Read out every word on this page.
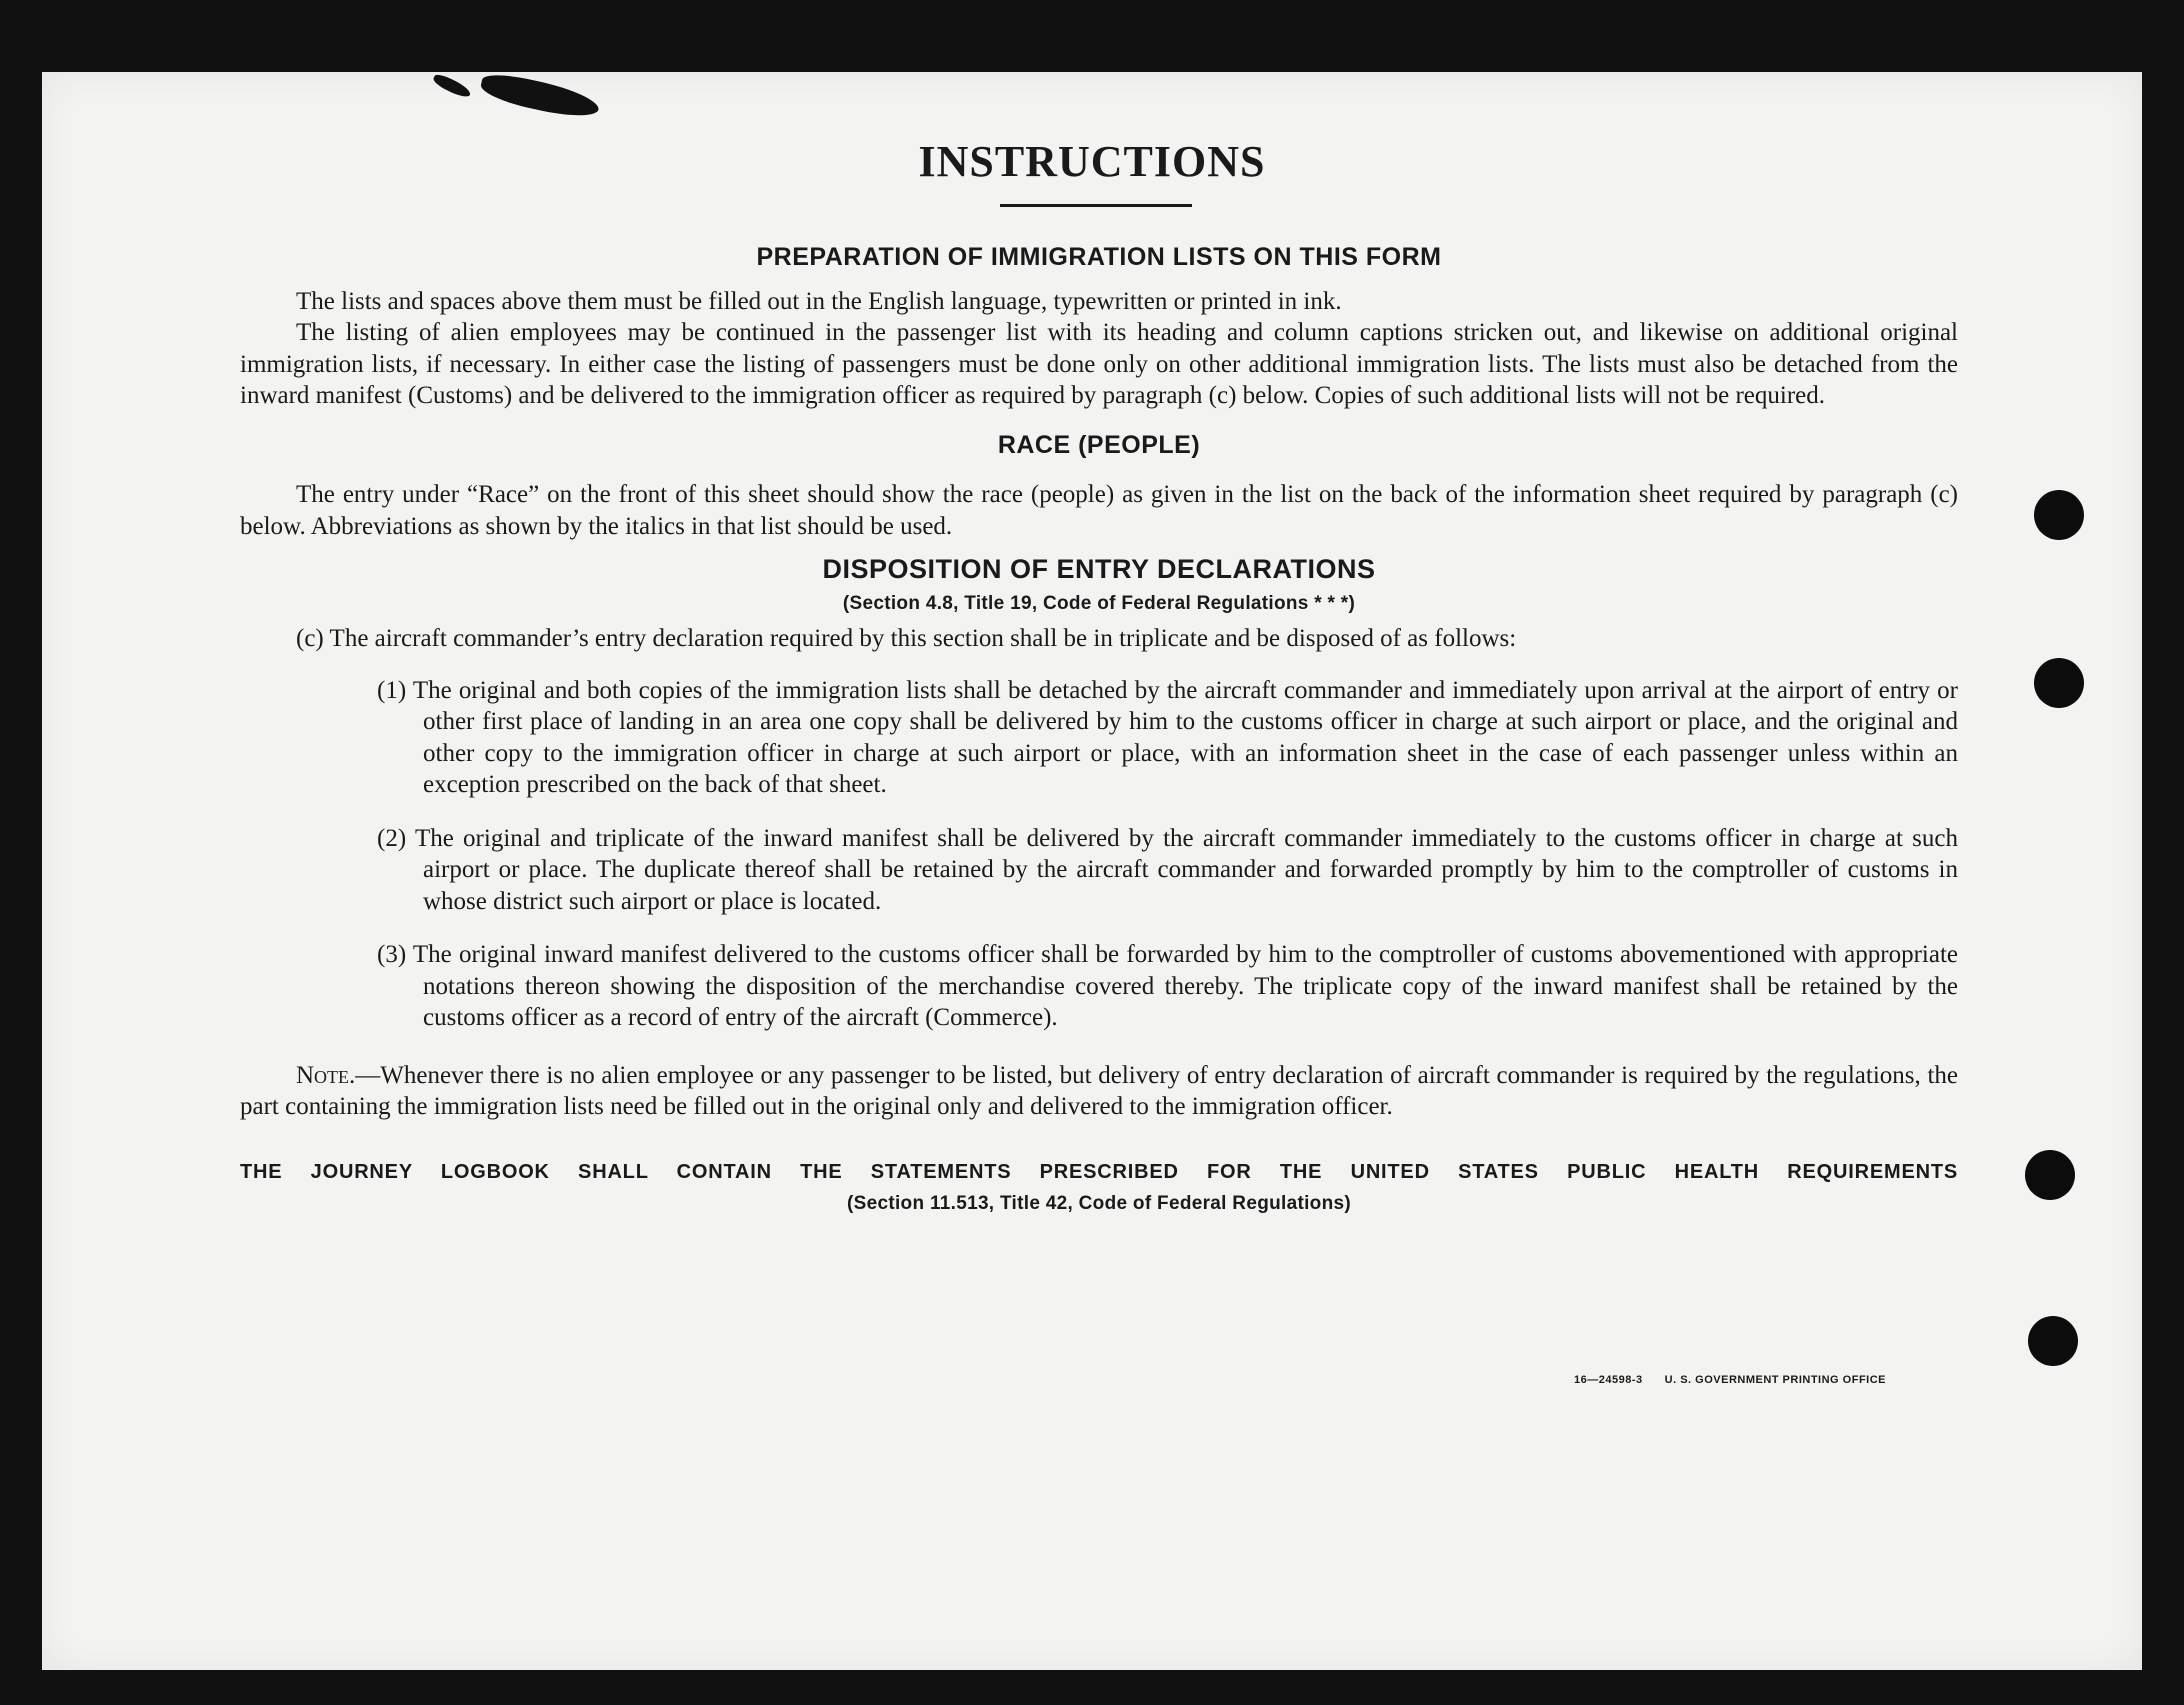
INSTRUCTIONS

PREPARATION OF IMMIGRATION LISTS ON THIS FORM

The lists and spaces above them must be filled out in the English language, typewritten or printed in ink.

The listing of alien employees may be continued in the passenger list with its heading and column captions stricken out, and likewise on additional original immigration lists, if necessary. In either case the listing of passengers must be done only on other additional immigration lists. The lists must also be detached from the inward manifest (Customs) and be delivered to the immigration officer as required by paragraph (c) below. Copies of such additional lists will not be required.

RACE (PEOPLE)

The entry under “Race” on the front of this sheet should show the race (people) as given in the list on the back of the information sheet required by paragraph (c) below. Abbreviations as shown by the italics in that list should be used.

DISPOSITION OF ENTRY DECLARATIONS

(Section 4.8, Title 19, Code of Federal Regulations * * *)

(c) The aircraft commander’s entry declaration required by this section shall be in triplicate and be disposed of as follows:

(1) The original and both copies of the immigration lists shall be detached by the aircraft commander and immediately upon arrival at the airport of entry or other first place of landing in an area one copy shall be delivered by him to the customs officer in charge at such airport or place, and the original and other copy to the immigration officer in charge at such airport or place, with an information sheet in the case of each passenger unless within an exception prescribed on the back of that sheet.

(2) The original and triplicate of the inward manifest shall be delivered by the aircraft commander immediately to the customs officer in charge at such airport or place. The duplicate thereof shall be retained by the aircraft commander and forwarded promptly by him to the comptroller of customs in whose district such airport or place is located.

(3) The original inward manifest delivered to the customs officer shall be forwarded by him to the comptroller of customs abovementioned with appropriate notations thereon showing the disposition of the merchandise covered thereby. The triplicate copy of the inward manifest shall be retained by the customs officer as a record of entry of the aircraft (Commerce).

Note.—Whenever there is no alien employee or any passenger to be listed, but delivery of entry declaration of aircraft commander is required by the regulations, the part containing the immigration lists need be filled out in the original only and delivered to the immigration officer.

THE JOURNEY LOGBOOK SHALL CONTAIN THE STATEMENTS PRESCRIBED FOR THE UNITED STATES PUBLIC HEALTH REQUIREMENTS

(Section 11.513, Title 42, Code of Federal Regulations)

16—24598-3 U. S. GOVERNMENT PRINTING OFFICE
